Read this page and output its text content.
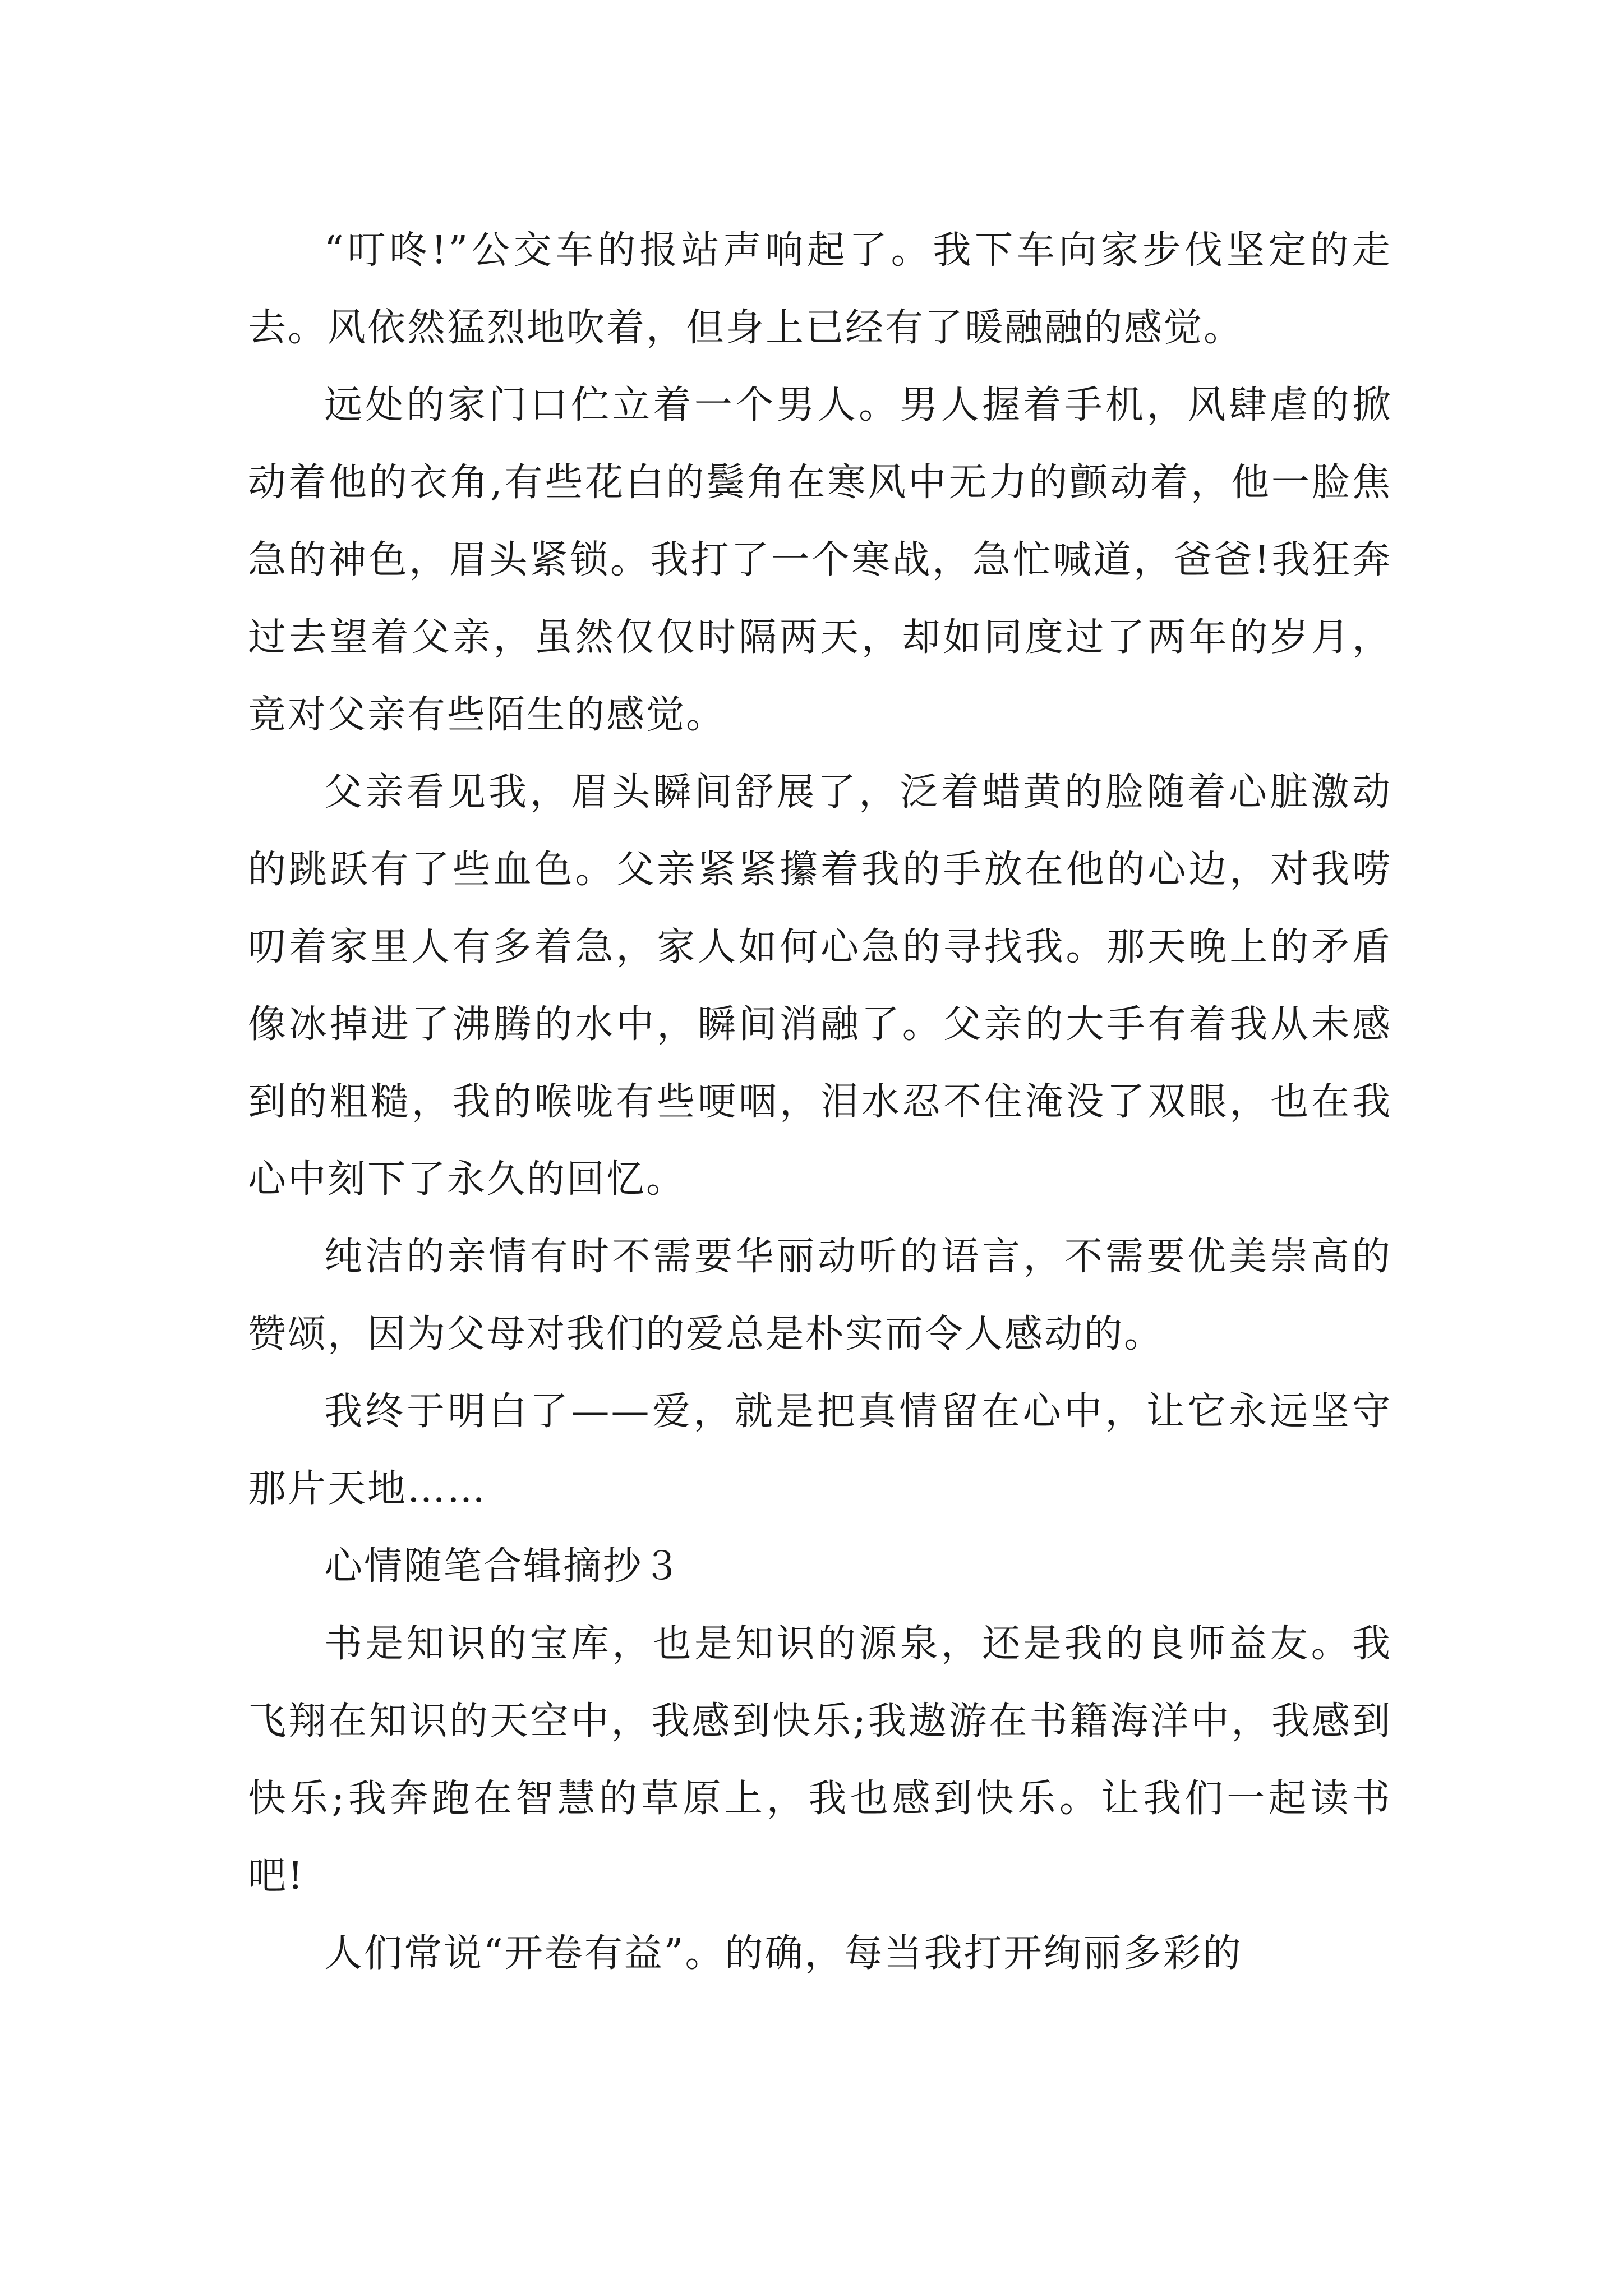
“叮咚!”公交车的报站声响起了。我下车向家步伐坚定的走去。风依然猛烈地吹着，但身上已经有了暖融融的感觉。

远处的家门口伫立着一个男人。男人握着手机，风肆虐的掀动着他的衣角,有些花白的鬓角在寒风中无力的颤动着，他一脸焦急的神色，眉头紧锁。我打了一个寒战，急忙喊道，爸爸!我狂奔过去望着父亲，虽然仅仅时隔两天，却如同度过了两年的岁月，竟对父亲有些陌生的感觉。

父亲看见我，眉头瞬间舒展了，泛着蜡黄的脸随着心脏激动的跳跃有了些血色。父亲紧紧攥着我的手放在他的心边，对我唠叨着家里人有多着急，家人如何心急的寻找我。那天晚上的矛盾像冰掉进了沸腾的水中，瞬间消融了。父亲的大手有着我从未感到的粗糙，我的喉咙有些哽咽，泪水忍不住淹没了双眼，也在我心中刻下了永久的回忆。

纯洁的亲情有时不需要华丽动听的语言，不需要优美崇高的赞颂，因为父母对我们的爱总是朴实而令人感动的。

我终于明白了——爱，就是把真情留在心中，让它永远坚守那片天地……

心情随笔合辑摘抄３

书是知识的宝库，也是知识的源泉，还是我的良师益友。我飞翔在知识的天空中，我感到快乐;我遨游在书籍海洋中，我感到快乐;我奔跑在智慧的草原上，我也感到快乐。让我们一起读书吧!

人们常说“开卷有益”。的确，每当我打开绚丽多彩的
